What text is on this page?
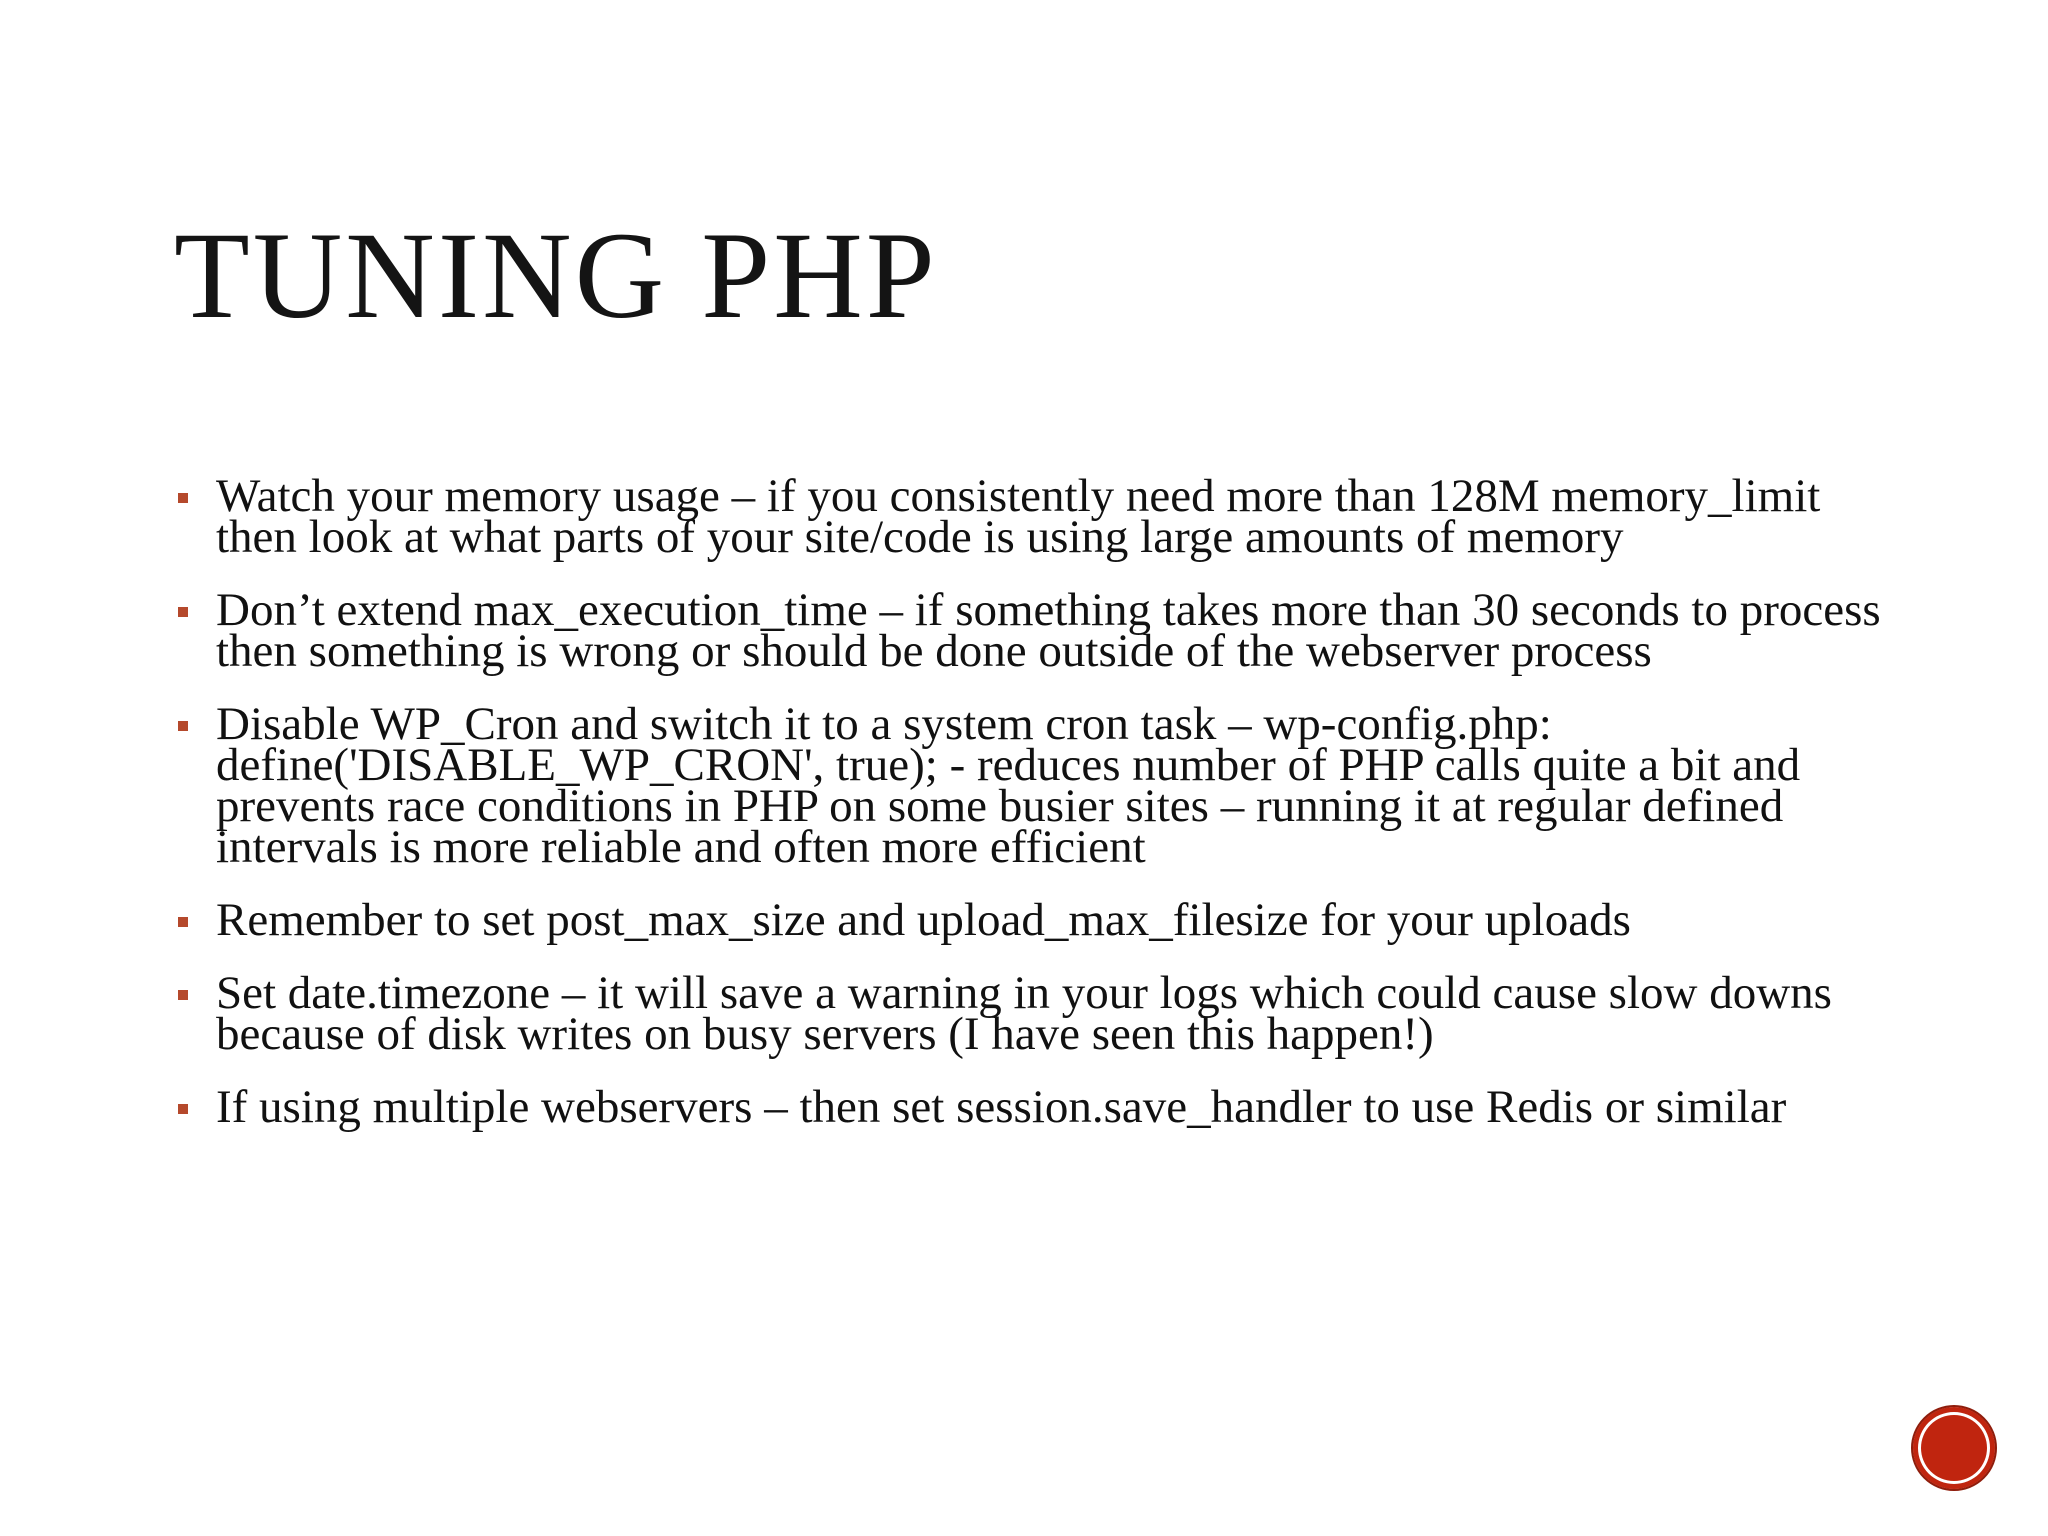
TUNING PHP
Watch your memory usage – if you consistently need more than 128M memory_limit then look at what parts of your site/code is using large amounts of memory
Don’t extend max_execution_time – if something takes more than 30 seconds to process then something is wrong or should be done outside of the webserver process
Disable WP_Cron and switch it to a system cron task – wp-config.php: define('DISABLE_WP_CRON', true); - reduces number of PHP calls quite a bit and prevents race conditions in PHP on some busier sites – running it at regular defined intervals is more reliable and often more efficient
Remember to set post_max_size and upload_max_filesize for your uploads
Set date.timezone – it will save a warning in your logs which could cause slow downs because of disk writes on busy servers (I have seen this happen!)
If using multiple webservers – then set session.save_handler to use Redis or similar
